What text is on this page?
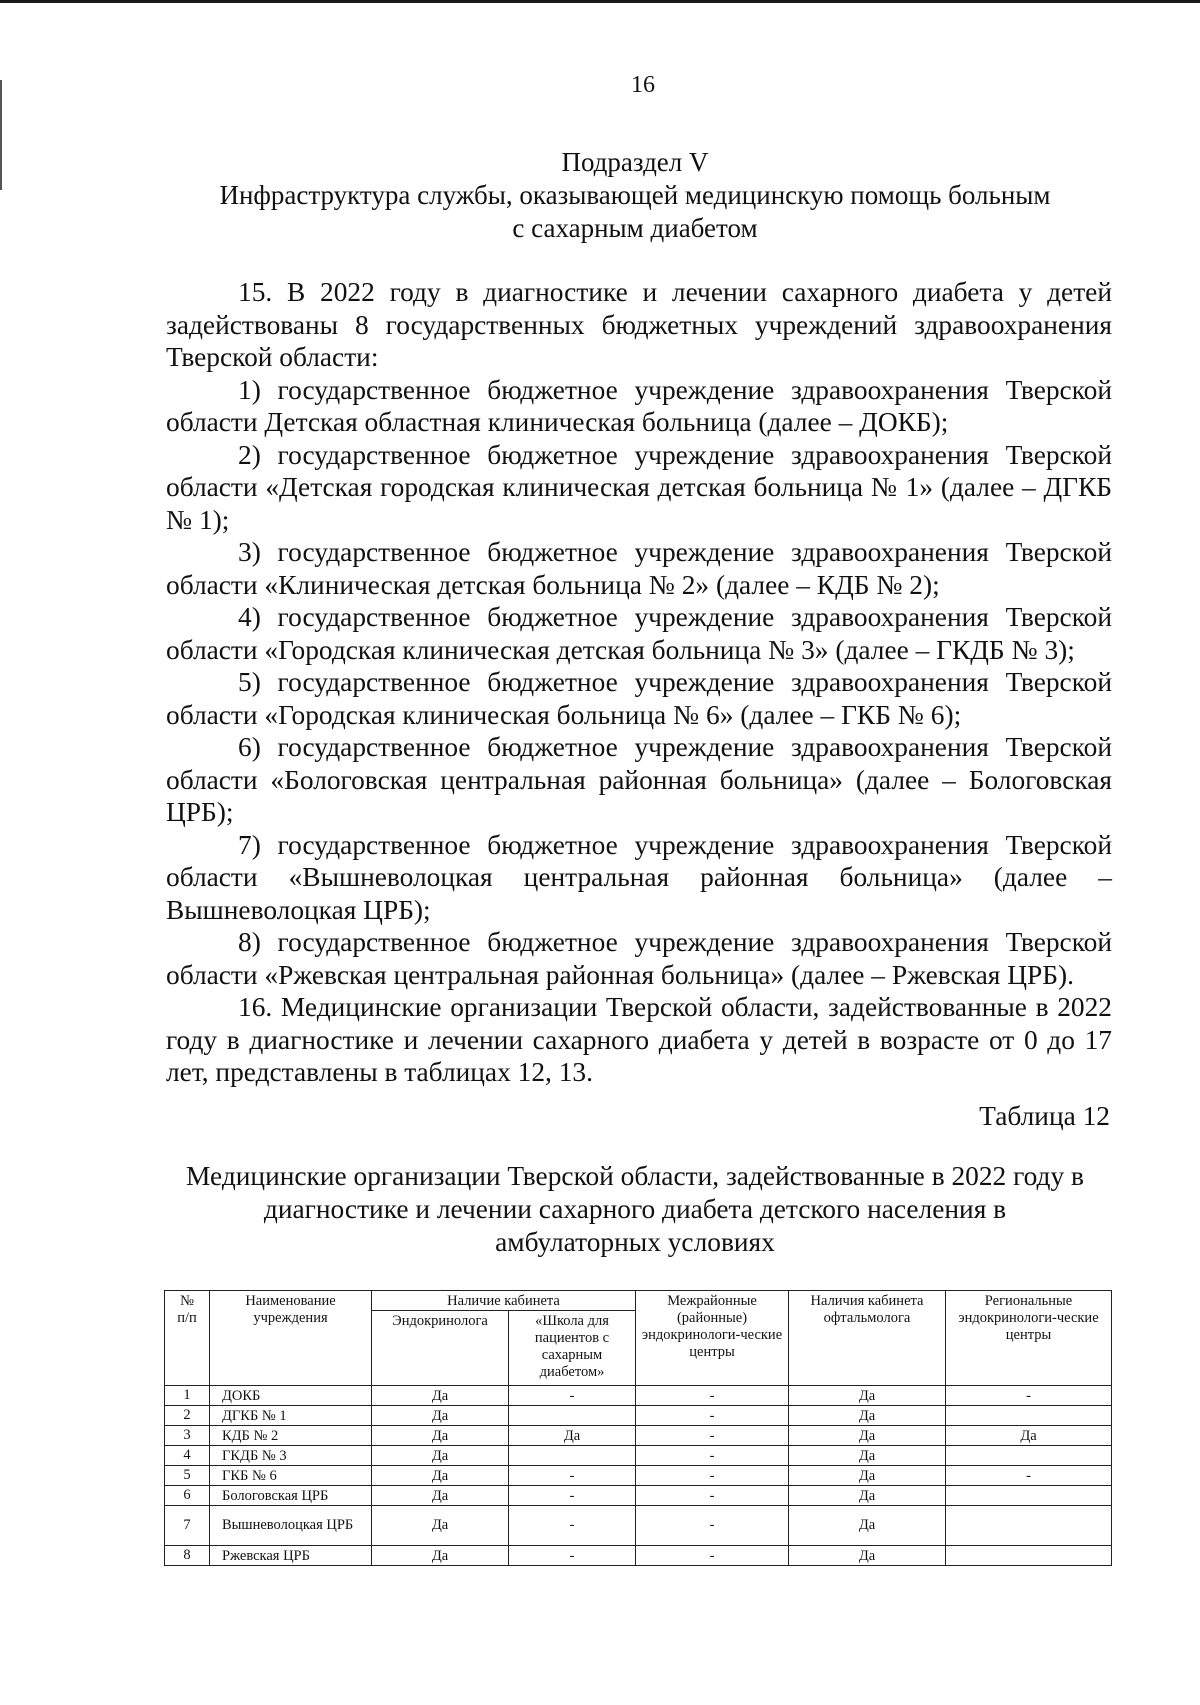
16
Подраздел V
Инфраструктура службы, оказывающей медицинскую помощь больным
с сахарным диабетом

15. В 2022 году в диагностике и лечении сахарного диабета у детей задействованы 8 государственных бюджетных учреждений здравоохранения Тверской области:

1) государственное бюджетное учреждение здравоохранения Тверской области Детская областная клиническая больница (далее – ДОКБ);

2) государственное бюджетное учреждение здравоохранения Тверской области «Детская городская клиническая детская больница № 1» (далее – ДГКБ № 1);

3) государственное бюджетное учреждение здравоохранения Тверской области «Клиническая детская больница № 2» (далее – КДБ № 2);

4) государственное бюджетное учреждение здравоохранения Тверской области «Городская клиническая детская больница № 3» (далее – ГКДБ № 3);

5) государственное бюджетное учреждение здравоохранения Тверской области «Городская клиническая больница № 6» (далее – ГКБ № 6);

6) государственное бюджетное учреждение здравоохранения Тверской области «Бологовская центральная районная больница» (далее – Бологовская ЦРБ);

7) государственное бюджетное учреждение здравоохранения Тверской области «Вышневолоцкая центральная районная больница» (далее – Вышневолоцкая ЦРБ);

8) государственное бюджетное учреждение здравоохранения Тверской области «Ржевская центральная районная больница» (далее – Ржевская ЦРБ).

16. Медицинские организации Тверской области, задействованные в 2022 году в диагностике и лечении сахарного диабета у детей в возрасте от 0 до 17 лет, представлены в таблицах 12, 13.

Таблица 12
Медицинские организации Тверской области, задействованные в 2022 году в
диагностике и лечении сахарного диабета детского населения в
амбулаторных условиях
№ п/п	Наименование учреждения	Наличие кабинета		Межрайонные (районные) эндокринологи-ческие центры	Наличия кабинета офтальмолога	Региональные эндокринологи-ческие центры
		Эндокринолога	«Школа для пациентов с сахарным диабетом»			
1	ДОКБ	Да	-	-	Да	-
2	ДГКБ № 1	Да		-	Да	
3	КДБ № 2	Да	Да	-	Да	Да
4	ГКДБ № 3	Да		-	Да	
5	ГКБ № 6	Да	-	-	Да	-
6	Бологовская ЦРБ	Да	-	-	Да	
7	Вышневолоцкая ЦРБ	Да	-	-	Да	
8	Ржевская ЦРБ	Да	-	-	Да	
